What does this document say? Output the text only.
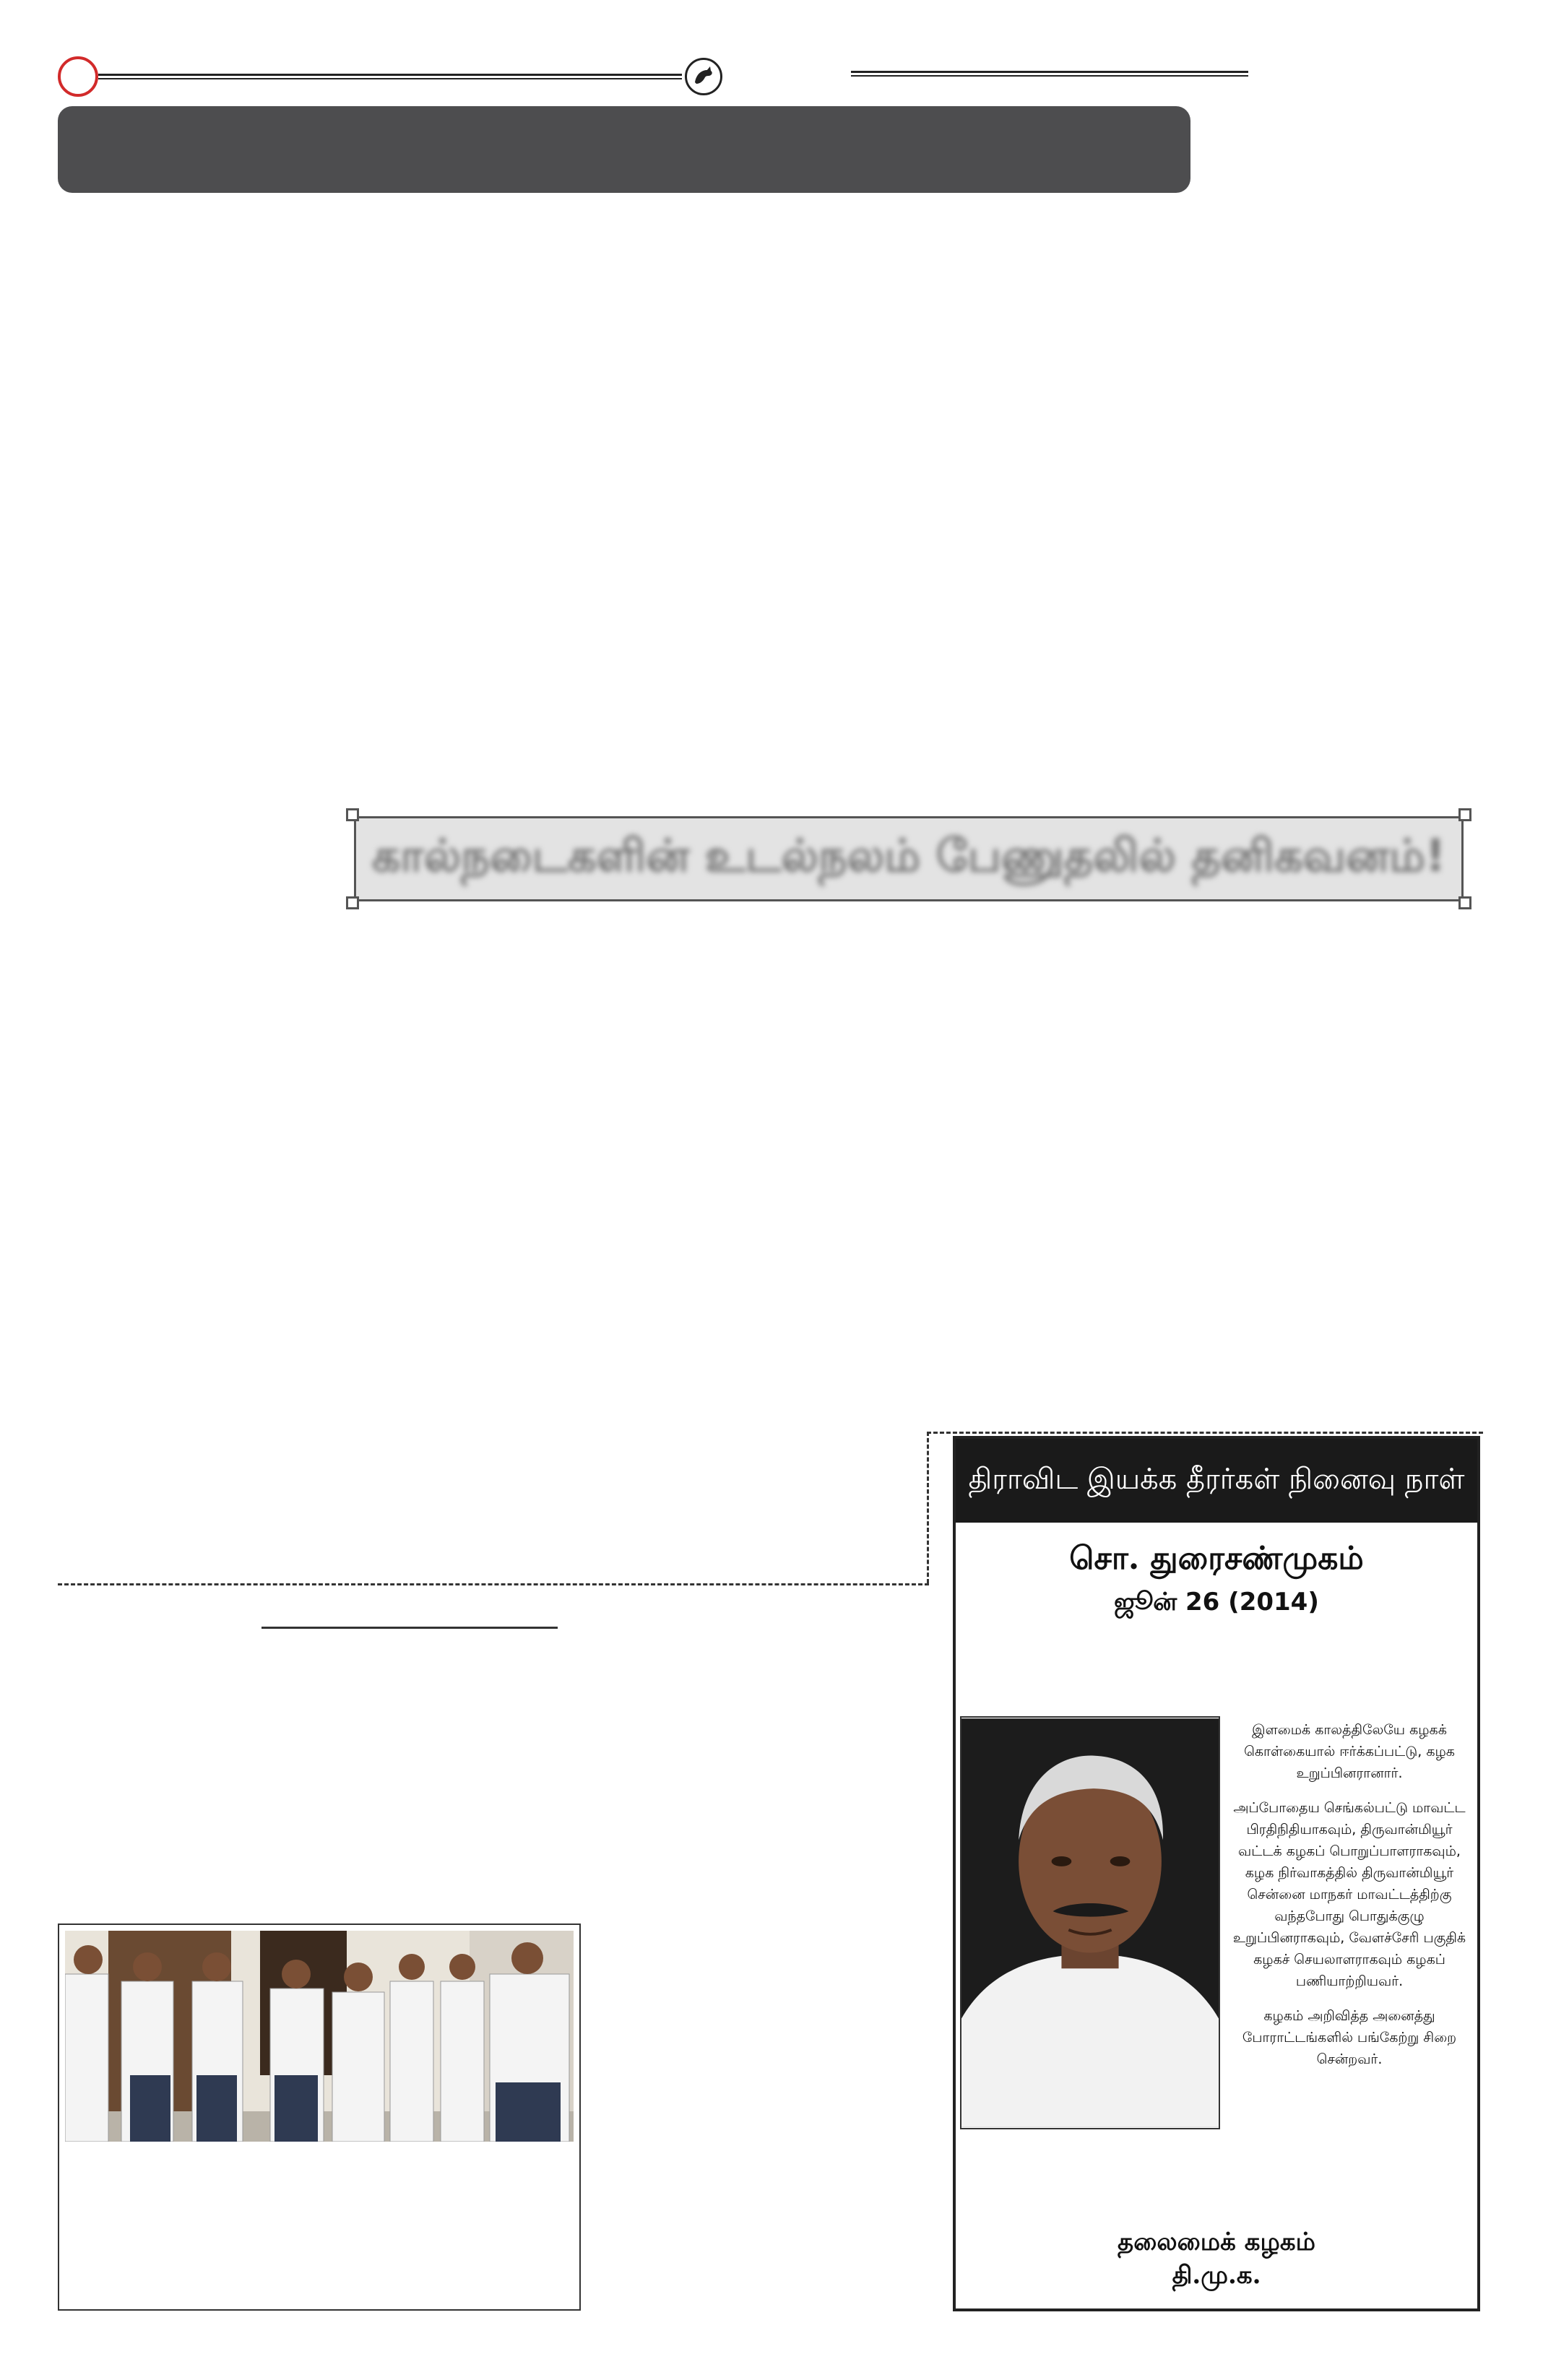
கால்நடைகளின் உடல்நலம் பேணுதலில் தனிகவனம்!
திராவிட இயக்க தீரர்கள் நினைவு நாள்
சொ. துரைசண்முகம்
ஜூன் 26 (2014)

இளமைக் காலத்திலேயே கழகக் கொள்கையால் ஈர்க்கப்பட்டு, கழக உறுப்பினரானார்.

அப்போதைய செங்கல்பட்டு மாவட்ட பிரதிநிதியாகவும், திருவான்மியூர் வட்டக் கழகப் பொறுப்பாளராகவும், கழக நிர்வாகத்தில் திருவான்மியூர் சென்னை மாநகர் மாவட்டத்திற்கு வந்தபோது பொதுக்குழு உறுப்பினராகவும், வேளச்சேரி பகுதிக் கழகச் செயலாளராகவும் கழகப் பணியாற்றியவர்.

கழகம் அறிவித்த அனைத்து போராட்டங்களில் பங்கேற்று சிறை சென்றவர்.

தலைமைக் கழகம்
தி.மு.க.
